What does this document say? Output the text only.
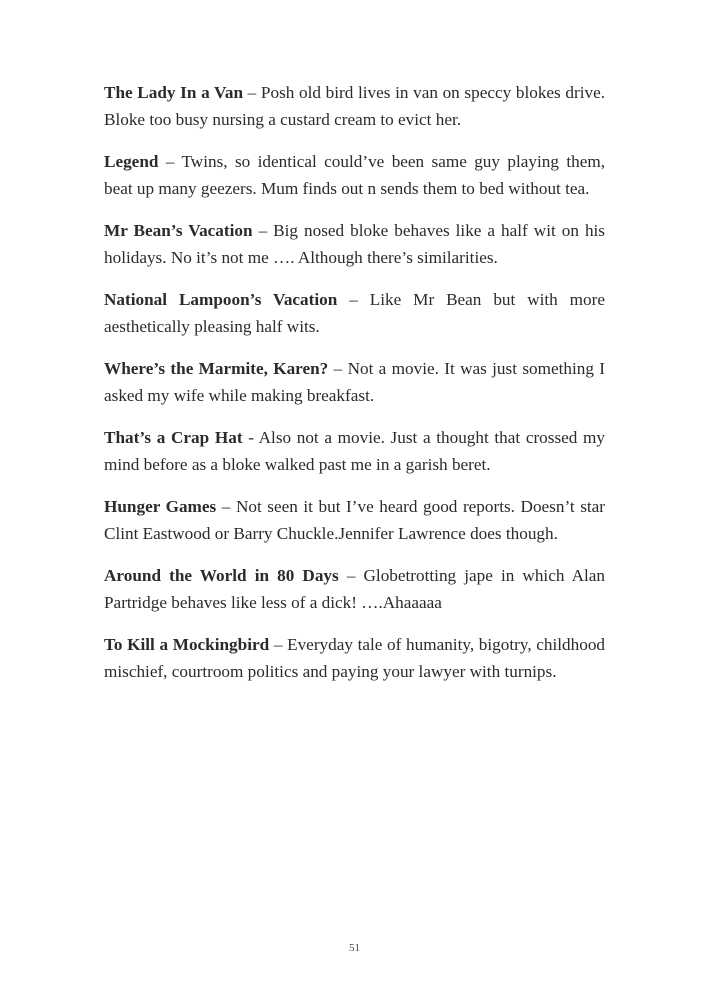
The Lady In a Van – Posh old bird lives in van on speccy blokes drive. Bloke too busy nursing a custard cream to evict her.

Legend – Twins, so identical could’ve been same guy playing them, beat up many geezers. Mum finds out n sends them to bed without tea.

Mr Bean’s Vacation – Big nosed bloke behaves like a half wit on his holidays. No it’s not me …. Although there’s similarities.

National Lampoon’s Vacation – Like Mr Bean but with more aesthetically pleasing half wits.

Where’s the Marmite, Karen? – Not a movie. It was just something I asked my wife while making breakfast.

That’s a Crap Hat - Also not a movie. Just a thought that crossed my mind before as a bloke walked past me in a garish beret.

Hunger Games – Not seen it but I’ve heard good reports. Doesn’t star Clint Eastwood or Barry Chuckle.Jennifer Lawrence does though.

Around the World in 80 Days – Globetrotting jape in which Alan Partridge behaves like less of a dick! ….Ahaaaaa

To Kill a Mockingbird – Everyday tale of humanity, bigotry, childhood mischief, courtroom politics and paying your lawyer with turnips.

51
